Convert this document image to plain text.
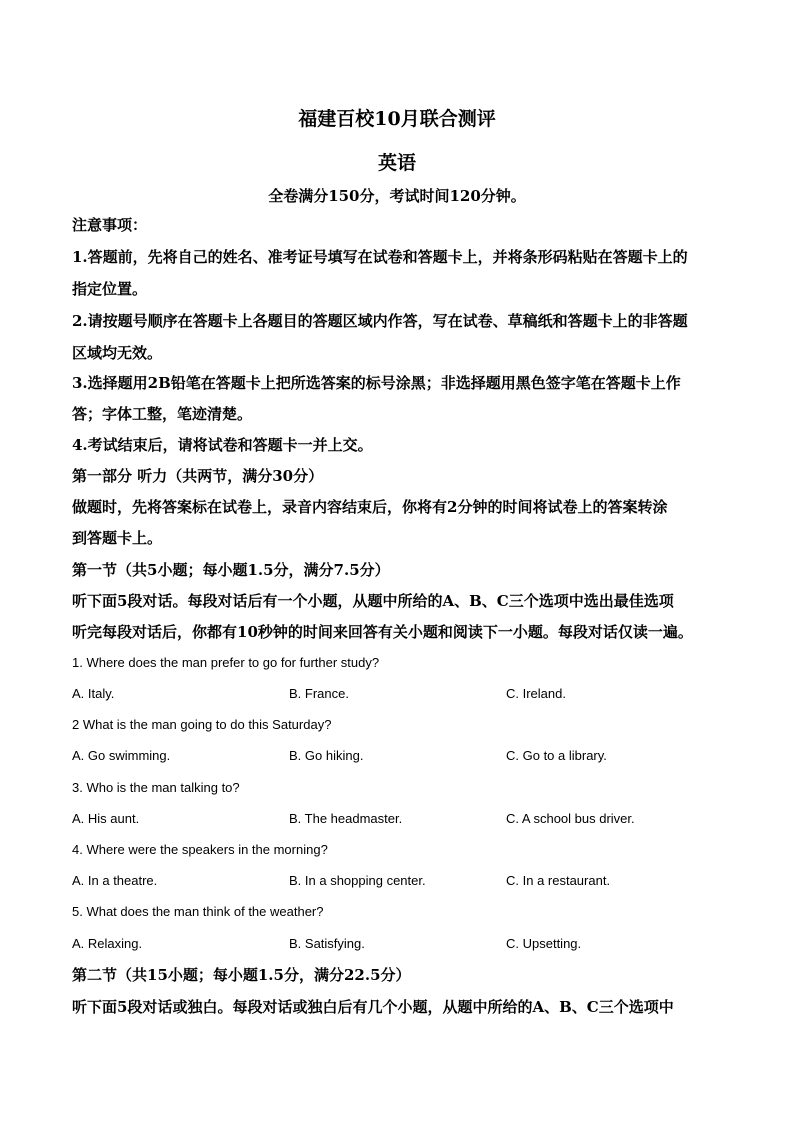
福建百校10月联合测评
英语
全卷满分150分，考试时间120分钟。
注意事项：
1.答题前，先将自己的姓名、准考证号填写在试卷和答题卡上，并将条形码粘贴在答题卡上的
指定位置。
2.请按题号顺序在答题卡上各题目的答题区域内作答，写在试卷、草稿纸和答题卡上的非答题
区域均无效。
3.选择题用2B铅笔在答题卡上把所选答案的标号涂黑；非选择题用黑色签字笔在答题卡上作
答；字体工整，笔迹清楚。
4.考试结束后，请将试卷和答题卡一并上交。
第一部分 听力（共两节，满分30分）
做题时，先将答案标在试卷上，录音内容结束后，你将有2分钟的时间将试卷上的答案转涂
到答题卡上。
第一节（共5小题；每小题1.5分，满分7.5分）
听下面5段对话。每段对话后有一个小题，从题中所给的A、B、C三个选项中选出最佳选项
听完每段对话后，你都有10秒钟的时间来回答有关小题和阅读下一小题。每段对话仅读一遍。
1. Where does the man prefer to go for further study?
A. Italy.	B. France.	C. Ireland.
2 What is the man going to do this Saturday?
A. Go swimming.	B. Go hiking.	C. Go to a library.
3. Who is the man talking to?
A. His aunt.	B. The headmaster.	C. A school bus driver.
4. Where were the speakers in the morning?
A. In a theatre.	B. In a shopping center.	C. In a restaurant.
5. What does the man think of the weather?
A. Relaxing.	B. Satisfying.	C. Upsetting.
第二节（共15小题；每小题1.5分，满分22.5分）
听下面5段对话或独白。每段对话或独白后有几个小题，从题中所给的A、B、C三个选项中
